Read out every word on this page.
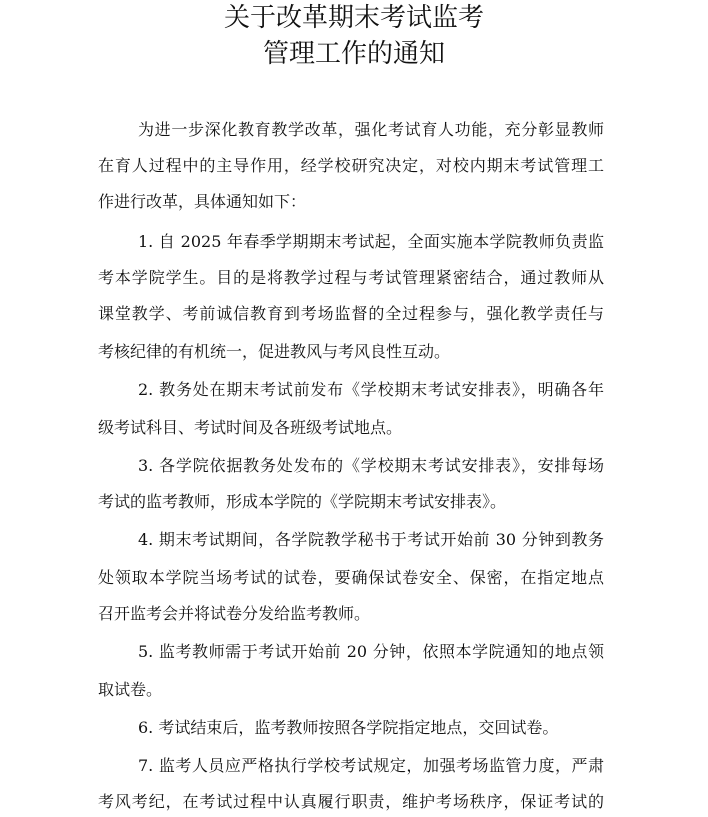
关于改革期末考试监考
管理工作的通知
为进一步深化教育教学改革，强化考试育人功能，充分彰显教师
在育人过程中的主导作用，经学校研究决定，对校内期末考试管理工
作进行改革，具体通知如下：
1. 自 2025 年春季学期期末考试起，全面实施本学院教师负责监
考本学院学生。目的是将教学过程与考试管理紧密结合，通过教师从
课堂教学、考前诚信教育到考场监督的全过程参与，强化教学责任与
考核纪律的有机统一，促进教风与考风良性互动。
2. 教务处在期末考试前发布《学校期末考试安排表》，明确各年
级考试科目、考试时间及各班级考试地点。
3. 各学院依据教务处发布的《学校期末考试安排表》，安排每场
考试的监考教师，形成本学院的《学院期末考试安排表》。
4. 期末考试期间，各学院教学秘书于考试开始前 30 分钟到教务
处领取本学院当场考试的试卷，要确保试卷安全、保密，在指定地点
召开监考会并将试卷分发给监考教师。
5. 监考教师需于考试开始前 20 分钟，依照本学院通知的地点领
取试卷。
6. 考试结束后，监考教师按照各学院指定地点，交回试卷。
7. 监考人员应严格执行学校考试规定，加强考场监管力度，严肃
考风考纪，在考试过程中认真履行职责，维护考场秩序，保证考试的
